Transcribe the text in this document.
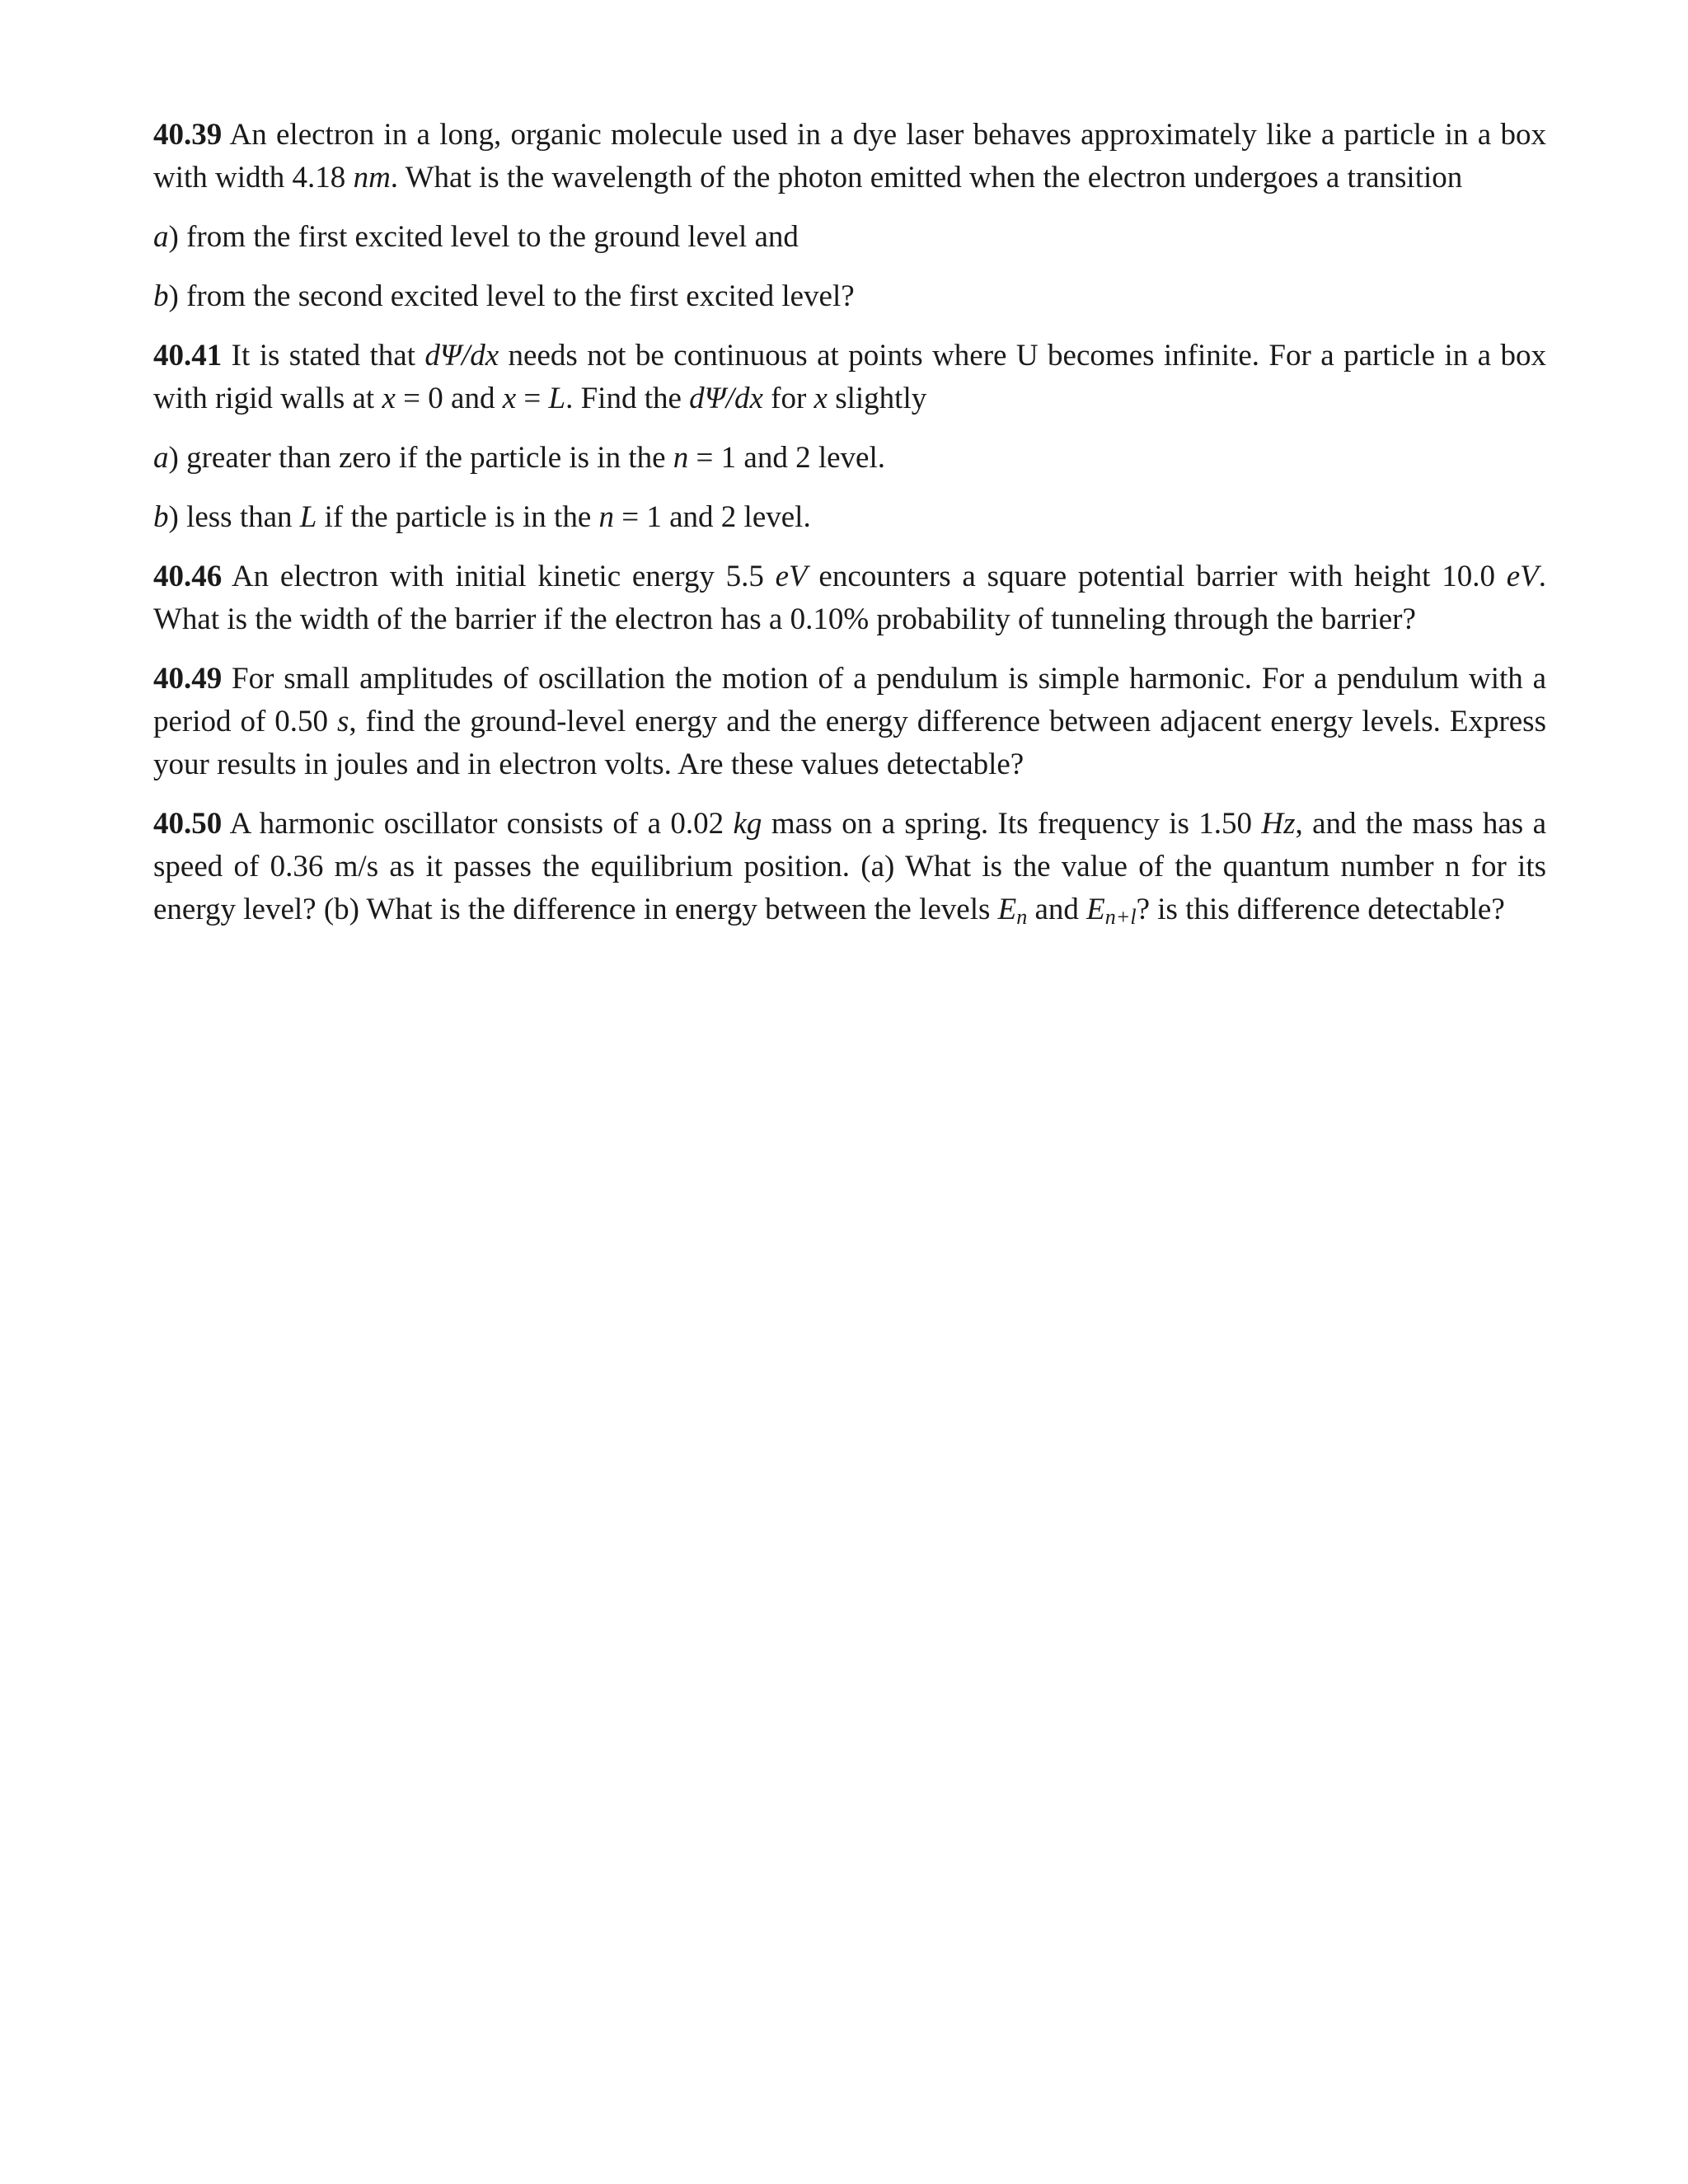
40.39 An electron in a long, organic molecule used in a dye laser behaves approximately like a particle in a box with width 4.18 nm. What is the wavelength of the photon emitted when the electron undergoes a transition

a) from the first excited level to the ground level and

b) from the second excited level to the first excited level?

40.41 It is stated that dΨ/dx needs not be continuous at points where U becomes infinite. For a particle in a box with rigid walls at x = 0 and x = L. Find the dΨ/dx for x slightly

a) greater than zero if the particle is in the n = 1 and 2 level.

b) less than L if the particle is in the n = 1 and 2 level.

40.46 An electron with initial kinetic energy 5.5 eV encounters a square potential barrier with height 10.0 eV. What is the width of the barrier if the electron has a 0.10% probability of tunneling through the barrier?

40.49 For small amplitudes of oscillation the motion of a pendulum is simple harmonic. For a pendulum with a period of 0.50 s, find the ground-level energy and the energy difference between adjacent energy levels. Express your results in joules and in electron volts. Are these values detectable?

40.50 A harmonic oscillator consists of a 0.02 kg mass on a spring. Its frequency is 1.50 Hz, and the mass has a speed of 0.36 m/s as it passes the equilibrium position. (a) What is the value of the quantum number n for its energy level? (b) What is the difference in energy between the levels $E_n$ and $E_{n+l}$? is this difference detectable?
